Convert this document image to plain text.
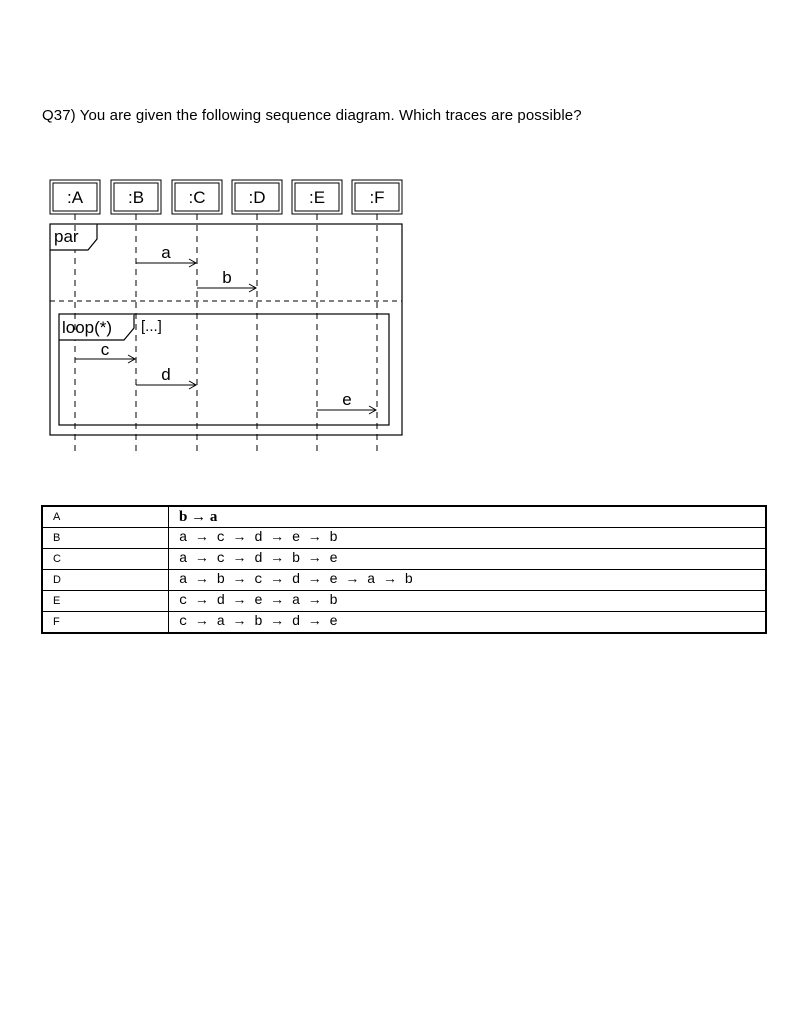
Q37) You are given the following sequence diagram. Which traces are possible?
:A	:B	:C	:D	:E	:F
par
loop(*) [...]
a
b
c
d
e
A	b → a
B	a → c → d → e → b
C	a → c → d → b → e
D	a → b → c → d → e → a → b
E	c → d → e → a → b
F	c → a → b → d → e
